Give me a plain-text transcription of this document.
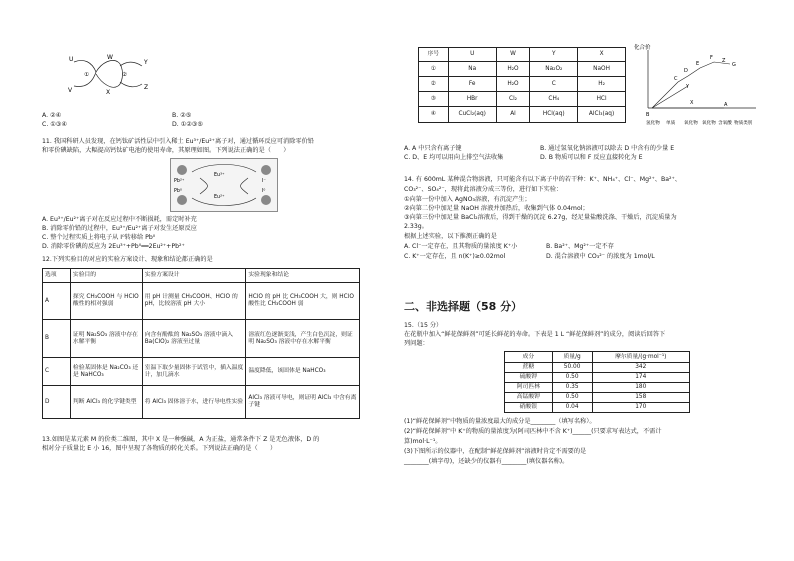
U	W
Y
V	X
Z
①	②
A. ②④	B. ②⑤
C. ①③④	D. ①②③⑤
11. 我国科研人员发现，在钙钛矿活性层中引入稀土 Eu³⁺/Eu²⁺离子对，通过循环反应可消除零价铅
和零价碘缺陷，大幅提高钙钛矿电池的使用寿命，其原理如图。下列说法正确的是（　　）
Pb²⁺
Eu³⁺
Eu²⁺
I⁻
Pb⁰	I⁰
A. Eu³⁺/Eu²⁺离子对在反应过程中不断损耗，需定时补充
B. 消除零价铅的过程中，Eu³⁺/Eu²⁺离子对发生还原反应
C. 整个过程实质上将电子从 I⁰转移给 Pb⁰
D. 消除零价碘的反应为 2Eu³⁺+Pb⁰══2Eu²⁺+Pb²⁺
12.下列实验目的对应的实验方案设计、现象和结论都正确的是
选项	实验目的	实验方案设计	实验现象和结论
A	探究 CH₃COOH 与 HClO 酸性的相对强弱	用 pH 计测量 CH₃COOH、HClO 的 pH，比较溶液 pH 大小	HClO 的 pH 比 CH₃COOH 大，则 HClO 酸性比 CH₃COOH 弱
B	证明 Na₂SO₃ 溶液中存在水解平衡	向含有酚酞的 Na₂SO₃ 溶液中滴入 Ba(ClO)₂ 溶液至过量	溶液红色逐渐变浅，产生白色沉淀，则证明 Na₂SO₃ 溶液中存在水解平衡
C	检验某固体是 Na₂CO₃ 还是 NaHCO₃	室温下取少量固体于试管中，插入温度计，加几滴水	温度降低，该固体是 NaHCO₃
D	判断 AlCl₃ 的化学键类型	将 AlCl₃ 固体溶于水，进行导电性实验	AlCl₃ 溶液可导电，则证明 AlCl₃ 中含有离子键
13.如图是某元素 M 的价类二维图，其中 X 是一种强碱，A 为正盐，通常条件下 Z 是无色液体，D 的
相对分子质量比 E 小 16，图中呈现了各物质的转化关系。下列说法正确的是（　　）
序号	U	W	Y	X
①	Na	H₂O	Na₂O₂	NaOH
②	Fe	H₂O	C	H₂
③	HBr	Cl₂	CH₄	HCl
④	CuCl₂(aq)	Al	HCl(aq)	AlCl₃(aq)
化合价
B
A
C
D
E
F
G
X
Y
Z
氢化物 单质 氧化物 氧化物 含氧酸 物质类别
A. A 中只含有离子键	B. 通过氢氧化钠溶液可以除去 D 中含有的少量 E
C. D、E 均可以用向上排空气法收集	D. B 物质可以和 F 反应直接转化为 E
14. 有 600mL 某种混合物溶液，只可能含有以下离子中的若干种：K⁺、NH₄⁺、Cl⁻、Mg²⁺、Ba²⁺、
CO₃²⁻、SO₄²⁻，现将此溶液分成三等份，进行如下实验：
①向第一份中加入 AgNO₃溶液，有沉淀产生；
②向第二份中加足量 NaOH 溶液并加热后，收集到气体 0.04mol；
③向第三份中加足量 BaCl₂溶液后，得到干燥的沉淀 6.27g，经足量盐酸洗涤、干燥后，沉淀质量为
2.33g。
根据上述实验，以下推测正确的是
A. Cl⁻一定存在，且其物质的量浓度 K⁺小	B. Ba²⁺、Mg²⁺一定不存
C. K⁺一定存在，且 n(K⁺)≥0.02mol	D. 混合溶液中 CO₃²⁻ 的浓度为 1mol/L
二、非选择题（58 分）
15.（15 分）
在花瓶中加入“鲜花保鲜剂”可延长鲜花的寿命。下表是 1 L “鲜花保鲜剂”的成分，阅读后回答下
列问题：
成分	质量/g	摩尔质量/(g·mol⁻¹)
蔗糖	50.00	342
硫酸钾	0.50	174
阿司匹林	0.35	180
高锰酸钾	0.50	158
硝酸银	0.04	170
(1)“鲜花保鲜剂”中物质的量浓度最大的成分是________（填写名称）。
(2)“鲜花保鲜剂”中 K⁺的物质的量浓度为(阿司匹林中不含 K⁺)______(只要求写表达式，不需计
算)mol·L⁻¹。
(3)下图所示的仪器中，在配制“鲜花保鲜剂”溶液时肯定不需要的是
________(填字母)，还缺少的仪器有________(填仪器名称)。
